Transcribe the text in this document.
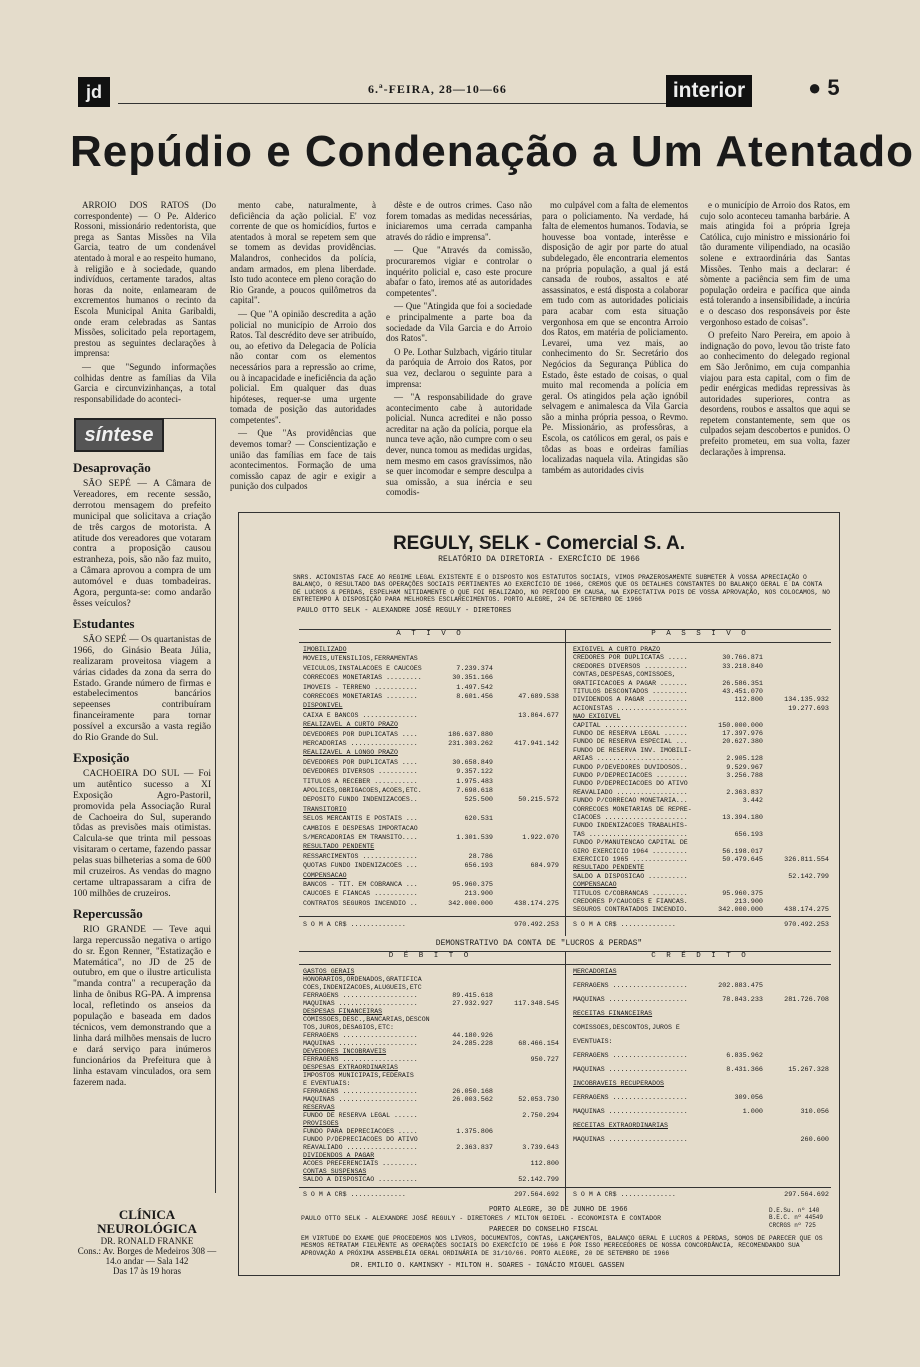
jd	6.ª-FEIRA, 28—10—66	interior	● 5
Repúdio e Condenação a Um Atentado

ARROIO DOS RATOS (Do correspondente) — O Pe. Alderico Rossoni, missionário redentorista, que prega as Santas Missões na Vila Garcia, teatro de um condenável atentado à moral e ao respeito humano, à religião e à sociedade, quando indivíduos, certamente tarados, altas horas da noite, enlamearam de excrementos humanos o recinto da Escola Municipal Anita Garibaldi, onde eram celebradas as Santas Missões, solicitado pela reportagem, prestou as seguintes declarações à imprensa:

— que "Segundo informações colhidas dentre as famílias da Vila Garcia e circunvizinhanças, a total responsabilidade do aconteci-

mento cabe, naturalmente, à deficiência da ação policial. E' voz corrente de que os homicídios, furtos e atentados à moral se repetem sem que se tomem as devidas providências. Malandros, conhecidos da polícia, andam armados, em plena liberdade. Isto tudo acontece em pleno coração do Rio Grande, a poucos quilômetros da capital".

— Que "A opinião descredita a ação policial no município de Arroio dos Ratos. Tal descrédito deve ser atribuído, ou, ao efetivo da Delegacia de Polícia não contar com os elementos necessários para a repressão ao crime, ou à incapacidade e ineficiência da ação policial. Em qualquer das duas hipóteses, requer-se uma urgente tomada de posição das autoridades competentes".

— Que "As providências que devemos tomar? — Conscientização e união das famílias em face de tais acontecimentos. Formação de uma comissão capaz de agir e exigir a punição dos culpados

dêste e de outros crimes. Caso não forem tomadas as medidas necessárias, iniciaremos uma cerrada campanha através do rádio e imprensa".

— Que "Através da comissão, procuraremos vigiar e controlar o inquérito policial e, caso este procure abafar o fato, iremos até as autoridades competentes".

— Que "Atingida que foi a sociedade e principalmente a parte boa da sociedade da Vila Garcia e do Arroio dos Ratos".

O Pe. Lothar Sulzbach, vigário titular da paróquia de Arroio dos Ratos, por sua vez, declarou o seguinte para a imprensa:

— "A responsabilidade do grave acontecimento cabe à autoridade policial. Nunca acreditei e não posso acreditar na ação da polícia, porque ela nunca teve ação, não cumpre com o seu dever, nunca tomou as medidas urgidas, nem mesmo em casos gravíssimos, não se quer incomodar e sempre desculpa a sua omissão, a sua inércia e seu comodis-

mo culpável com a falta de elementos para o policiamento. Na verdade, há falta de elementos humanos. Todavia, se houvesse boa vontade, interêsse e disposição de agir por parte do atual subdelegado, êle encontraria elementos na própria população, a qual já está cansada de roubos, assaltos e até assassinatos, e está disposta a colaborar em tudo com as autoridades policiais para acabar com esta situação vergonhosa em que se encontra Arroio dos Ratos, em matéria de policiamento. Levarei, uma vez mais, ao conhecimento do Sr. Secretário dos Negócios da Segurança Pública do Estado, êste estado de coisas, o qual muito mal recomenda a polícia em geral. Os atingidos pela ação ignóbil selvagem e animalesca da Vila Garcia são a minha própria pessoa, o Revmo. Pe. Missionário, as professôras, a Escola, os católicos em geral, os pais e tôdas as boas e ordeiras famílias localizadas naquela vila. Atingidas são também as autoridades civis

e o município de Arroio dos Ratos, em cujo solo aconteceu tamanha barbárie. A mais atingida foi a própria Igreja Católica, cujo ministro e missionário foi tão duramente vilipendiado, na ocasião solene e extraordinária das Santas Missões. Tenho mais a declarar: é sòmente a paciência sem fim de uma população ordeira e pacífica que ainda está tolerando a insensibilidade, a incúria e o descaso dos responsáveis por êste vergonhoso estado de coisas".

O prefeito Naro Pereira, em apoio à indignação do povo, levou tão triste fato ao conhecimento do delegado regional em São Jerônimo, em cuja companhia viajou para esta capital, com o fim de pedir enérgicas medidas repressivas às autoridades superiores, contra as desordens, roubos e assaltos que aqui se repetem constantemente, sem que os culpados sejam descobertos e punidos. O prefeito prometeu, em sua volta, fazer declarações à imprensa.

síntese
Desaprovação

SÃO SEPÉ — A Câmara de Vereadores, em recente sessão, derrotou mensagem do prefeito municipal que solicitava a criação de três cargos de motorista. A atitude dos vereadores que votaram contra a proposição causou estranheza, pois, são não faz muito, a Câmara aprovou a compra de um automóvel e duas tombadeiras. Agora, pergunta-se: como andarão êsses veículos?

Estudantes

SÃO SEPÉ — Os quartanistas de 1966, do Ginásio Beata Júlia, realizaram proveitosa viagem a várias cidades da zona da serra do Estado. Grande número de firmas e estabelecimentos bancários sepeenses contribuíram financeiramente para tornar possível a excursão a vasta região do Rio Grande do Sul.

Exposição

CACHOEIRA DO SUL — Foi um autêntico sucesso a XI Exposição Agro-Pastoril, promovida pela Associação Rural de Cachoeira do Sul, superando tôdas as previsões mais otimistas. Calcula-se que trinta mil pessoas visitaram o certame, fazendo passar pelas suas bilheterias a soma de 600 mil cruzeiros. As vendas do magno certame ultrapassaram a cifra de 100 milhões de cruzeiros.

Repercussão

RIO GRANDE — Teve aqui larga repercussão negativa o artigo do sr. Egon Renner, "Estatização e Matemática", no JD de 25 de outubro, em que o ilustre articulista "manda contra" a recuperação da linha de ônibus RG-PA. A imprensa local, refletindo os anseios da população e baseada em dados técnicos, vem demonstrando que a linha dará milhões mensais de lucro e dará serviço para inúmeros funcionários da Prefeitura que à linha estavam vinculados, ora sem fazerem nada.

CLÍNICA NEUROLÓGICA
DR. RONALD FRANKE
Cons.: Av. Borges de Medeiros 308 — 14.o andar — Sala 142
Das 17 às 19 horas
REGULY, SELK - Comercial S. A.
RELATÓRIO DA DIRETORIA - EXERCÍCIO DE 1966
SNRS. ACIONISTAS FACE AO REGIME LEGAL EXISTENTE E O DISPOSTO NOS ESTATUTOS SOCIAIS, VIMOS PRAZEROSAMENTE SUBMETER À VOSSA APRECIAÇÃO O BALANÇO, O RESULTADO DAS OPERAÇÕES SOCIAIS PERTINENTES AO EXERCÍCIO DE 1966, CREMOS QUE OS DETALHES CONSTANTES DO BALANÇO GERAL E DA CONTA DE LUCROS & PERDAS, ESPELHAM NITIDAMENTE O QUE FOI REALIZADO, NO PERÍODO EM CAUSA, NA EXPECTATIVA POIS DE VOSSA APROVAÇÃO, NOS COLOCAMOS, NO ENTRETEMPO À DISPOSIÇÃO PARA MELHORES ESCLARECIMENTOS. PORTO ALEGRE, 24 DE SETEMBRO DE 1966
PAULO OTTO SELK - ALEXANDRE JOSÉ REGULY - DIRETORES
A T I V O	P A S S I V O
IMOBILIZADO
MOVEIS,UTENSILIOS,FERRAMENTAS
VEICULOS,INSTALACOES E CAUCOES	7.239.374
CORRECOES MONETARIAS .........	30.351.166
IMOVEIS - TERRENO ...........	1.497.542
CORRECOES MONETARIAS ........	8.601.456	47.689.538
DISPONIVEL
CAIXA E BANCOS ..............	13.864.677
REALIZAVEL A CURTO PRAZO
DEVEDORES POR DUPLICATAS ....	186.637.880
MERCADORIAS .................	231.303.262	417.941.142
REALIZAVEL A LONGO PRAZO
DEVEDORES POR DUPLICATAS ....	30.658.849
DEVEDORES DIVERSOS ..........	9.357.122
TITULOS A RECEBER ...........	1.975.483
APOLICES,OBRIGACOES,ACOES,ETC.	7.698.618
DEPOSITO FUNDO INDENIZACOES..	525.500	50.215.572
TRANSITORIO
SELOS MERCANTIS E POSTAIS ...	620.531
CAMBIOS E DESPESAS IMPORTACAO
S/MERCADORIAS EM TRANSITO....	1.301.539	1.922.070
RESULTADO PENDENTE
RESSARCIMENTOS ..............	28.786
QUOTAS FUNDO INDENIZACOES ...	656.193	684.979
COMPENSACAO
BANCOS - TIT. EM COBRANCA ...	95.960.375
CAUCOES E FIANCAS ...........	213.900
CONTRATOS SEGUROS INCENDIO ..	342.000.000	438.174.275
EXIGIVEL A CURTO PRAZO
CREDORES POR DUPLICATAS .....	30.766.871
CREDORES DIVERSOS ...........	33.218.840
CONTAS,DESPESAS,COMISSOES,
GRATIFICACOES A PAGAR .......	26.586.351
TITULOS DESCONTADOS .........	43.451.070
DIVIDENDOS A PAGAR ..........	112.800	134.135.932
ACIONISTAS ..................	19.277.693
NAO EXIGIVEL
CAPITAL .....................	150.000.000
FUNDO DE RESERVA LEGAL ......	17.397.976
FUNDO DE RESERVA ESPECIAL ...	20.627.380
FUNDO DE RESERVA INV. IMOBILI-
ARIAS ......................	2.905.128
FUNDO P/DEVEDORES DUVIDOSOS..	9.529.967
FUNDO P/DEPRECIACOES ........	3.256.788
FUNDO P/DEPRECIACOES DO ATIVO
REAVALIADO ..................	2.363.837
FUNDO P/CORRECAO MONETARIA...	3.442
CORRECOES MONETARIAS DE REPRE-
CIACOES .....................	13.394.180
FUNDO INDENIZACOES TRABALHIS-
TAS .........................	656.193
FUNDO P/MANUTENCAO CAPITAL DE
GIRO EXERCICIO 1964 .........	56.198.017
EXERCICIO 1965 ..............	50.479.645	326.811.554
RESULTADO PENDENTE
SALDO A DISPOSICAO ..........	52.142.799
COMPENSACAO
TITULOS C/COBRANCAS .........	95.960.375
CREDORES P/CAUCOES E FIANCAS.	213.900
SEGUROS CONTRATADOS INCENDIO.	342.000.000	438.174.275
S O M A CR$ ..............	970.492.253 S O M A CR$ ..............	970.492.253
DEMONSTRATIVO DA CONTA DE "LUCROS & PERDAS"
D É B I T O	C R É D I T O
GASTOS GERAIS
HONORARIOS,ORDENADOS,GRATIFICA
COES,INDENIZACOES,ALUGUEIS,ETC
FERRAGENS ...................	89.415.618
MAQUINAS ....................	27.932.927	117.348.545
DESPESAS FINANCEIRAS
COMISSOES,DESC.,BANCARIAS,DESCON
TOS,JUROS,DESAGIOS,ETC:
FERRAGENS ...................	44.180.926
MAQUINAS ....................	24.285.228	68.466.154
DEVEDORES INCOBRAVEIS
FERRAGENS ...................	950.727
DESPESAS EXTRAORDINARIAS
IMPOSTOS MUNICIPAIS,FEDERAIS
E EVENTUAIS:
FERRAGENS ...................	26.050.168
MAQUINAS ....................	26.003.562	52.053.730
RESERVAS
FUNDO DE RESERVA LEGAL ......	2.750.294
PROVISOES
FUNDO PARA DEPRECIACOES .....	1.375.806
FUNDO P/DEPRECIACOES DO ATIVO
REAVALIADO ..................	2.363.837	3.739.643
DIVIDENDOS A PAGAR
ACOES PREFERENCIAIS .........	112.800
CONTAS SUSPENSAS
SALDO A DISPOSICAO ..........	52.142.799
MERCADORIAS
FERRAGENS ...................	202.883.475
MAQUINAS ....................	78.843.233	281.726.708
RECEITAS FINANCEIRAS
COMISSOES,DESCONTOS,JUROS E
EVENTUAIS:
FERRAGENS ...................	6.835.962
MAQUINAS ....................	8.431.366	15.267.328
INCOBRAVEIS RECUPERADOS
FERRAGENS ...................	309.056
MAQUINAS ....................	1.000	310.056
RECEITAS EXTRAORDINARIAS
MAQUINAS ....................	260.600
S O M A CR$ ..............	297.564.692 S O M A CR$ ..............	297.564.692
PORTO ALEGRE, 30 DE JUNHO DE 1966
PAULO OTTO SELK - ALEXANDRE JOSÉ REGULY - DIRETORES / MILTON GEIDEL - ECONOMISTA E CONTADOR
D.E.Su. nº 140 B.E.C. nº 44549 CRCRGS nº 725
PARECER DO CONSELHO FISCAL
EM VIRTUDE DO EXAME QUE PROCEDEMOS NOS LIVROS, DOCUMENTOS, CONTAS, LANÇAMENTOS, BALANÇO GERAL E LUCROS & PERDAS, SOMOS DE PARECER QUE OS MESMOS RETRATAM FIELMENTE AS OPERAÇÕES SOCIAIS DO EXERCÍCIO DE 1966 E POR ISSO MERECEDORES DE NOSSA CONCORDÂNCIA, RECOMENDANDO SUA APROVAÇÃO A PRÓXIMA ASSEMBLÉIA GERAL ORDINÁRIA DE 31/10/66. PORTO ALEGRE, 20 DE SETEMBRO DE 1966
DR. EMILIO O. KAMINSKY - MILTON H. SOARES - IGNÁCIO MIGUEL GASSEN
